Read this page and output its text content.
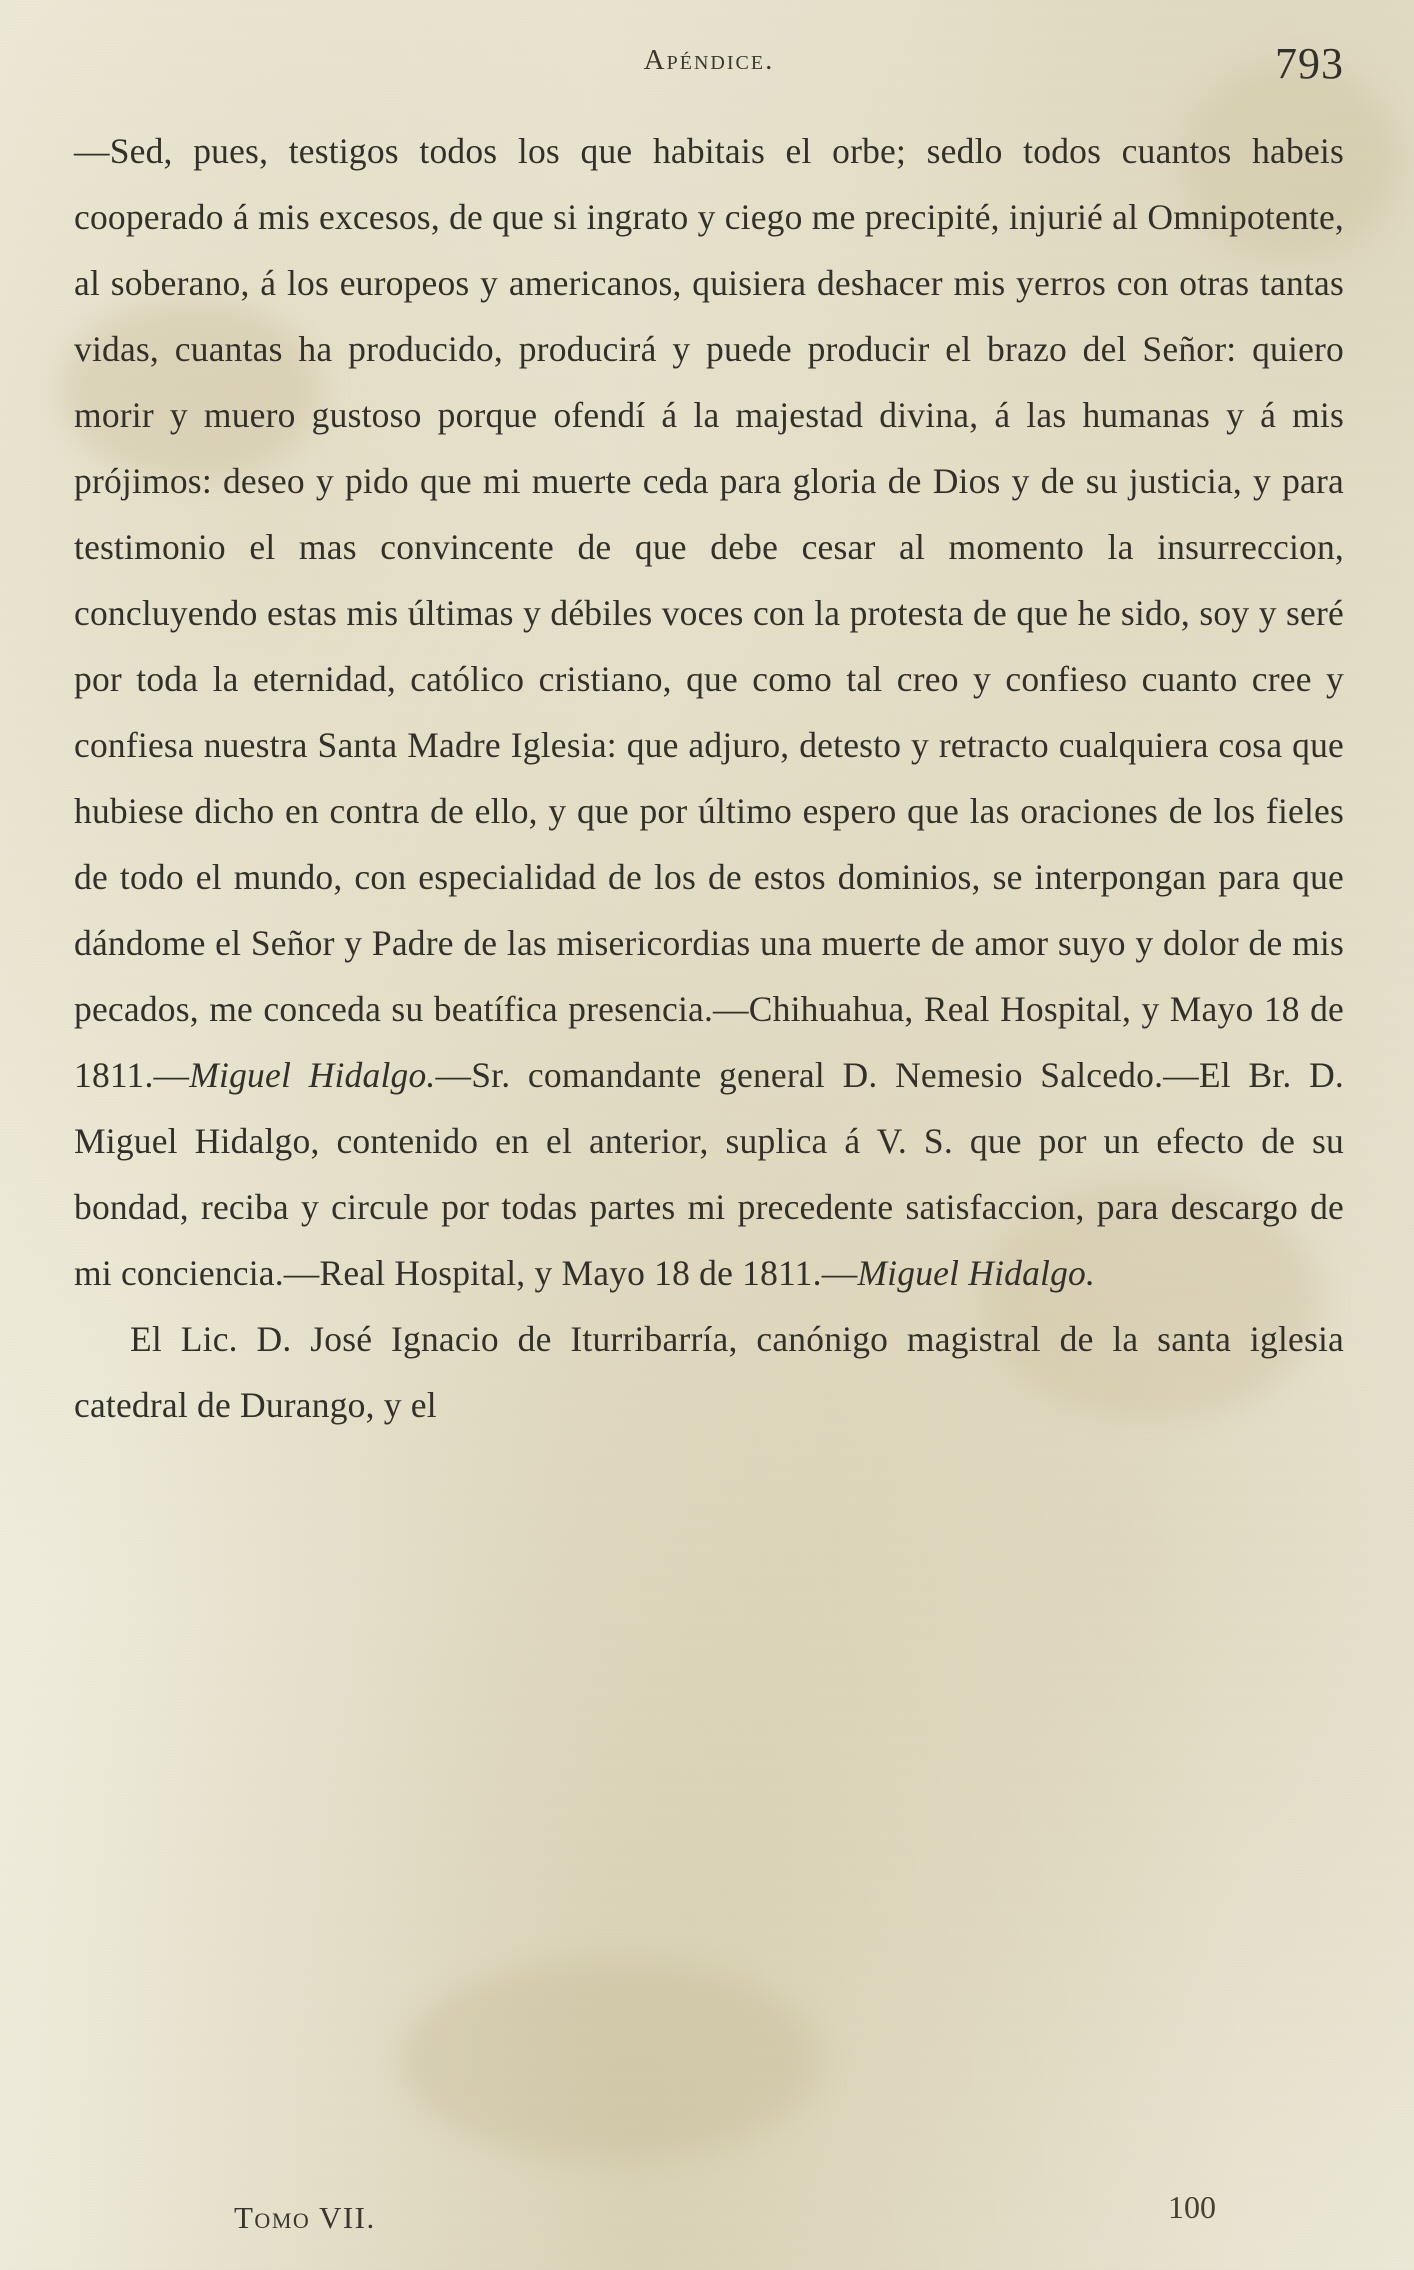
Apéndice.	793

—Sed, pues, testigos todos los que habitais el orbe; sedlo todos cuantos habeis cooperado á mis excesos, de que si ingrato y ciego me precipité, injurié al Omnipotente, al soberano, á los europeos y americanos, quisiera deshacer mis yerros con otras tantas vidas, cuantas ha producido, producirá y puede producir el brazo del Señor: quiero morir y muero gustoso porque ofendí á la majestad divina, á las humanas y á mis prójimos: deseo y pido que mi muerte ceda para gloria de Dios y de su justicia, y para testimonio el mas convincente de que debe cesar al momento la insurreccion, concluyendo estas mis últimas y débiles voces con la protesta de que he sido, soy y seré por toda la eternidad, católico cristiano, que como tal creo y confieso cuanto cree y confiesa nuestra Santa Madre Iglesia: que adjuro, detesto y retracto cualquiera cosa que hubiese dicho en contra de ello, y que por último espero que las oraciones de los fieles de todo el mundo, con especialidad de los de estos dominios, se interpongan para que dándome el Señor y Padre de las misericordias una muerte de amor suyo y dolor de mis pecados, me conceda su beatífica presencia.—Chihuahua, Real Hospital, y Mayo 18 de 1811.—Miguel Hidalgo.—Sr. comandante general D. Nemesio Salcedo.—El Br. D. Miguel Hidalgo, contenido en el anterior, suplica á V. S. que por un efecto de su bondad, reciba y circule por todas partes mi precedente satisfaccion, para descargo de mi conciencia.—Real Hospital, y Mayo 18 de 1811.—Miguel Hidalgo.

El Lic. D. José Ignacio de Iturribarría, canónigo magistral de la santa iglesia catedral de Durango, y el

Tomo VII.	100
